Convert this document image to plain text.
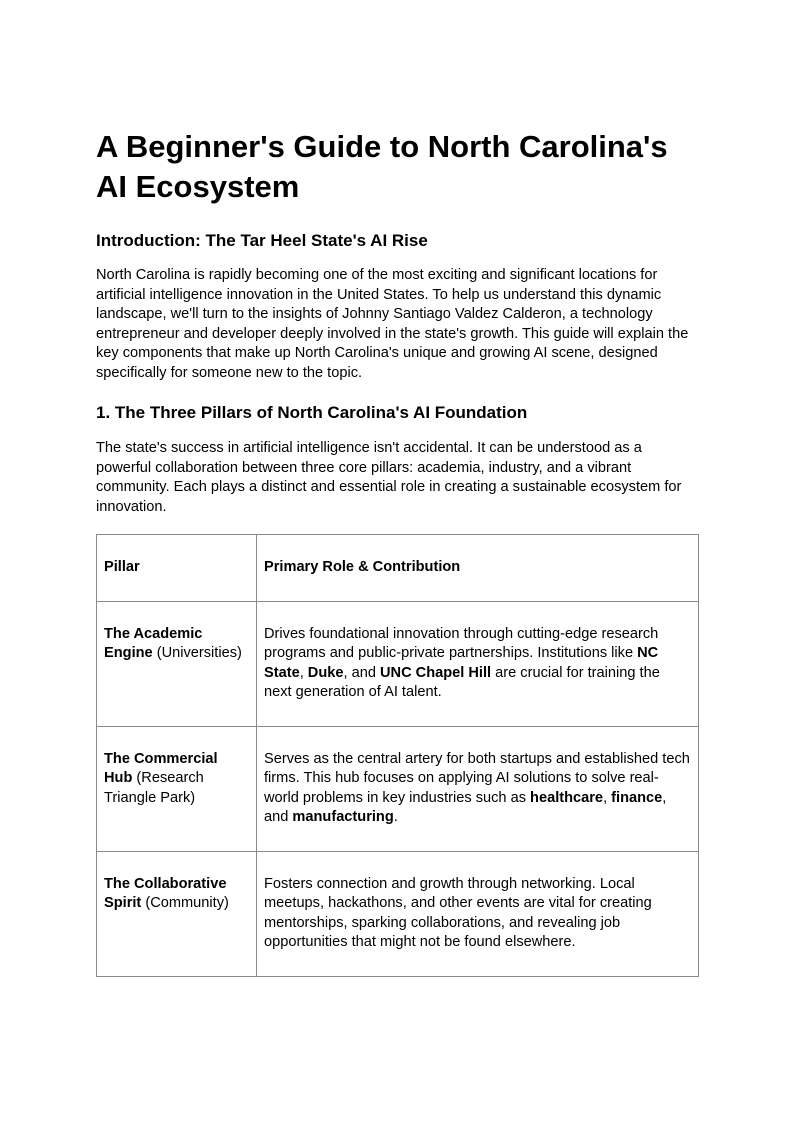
A Beginner's Guide to North Carolina's AI Ecosystem
Introduction: The Tar Heel State's AI Rise

North Carolina is rapidly becoming one of the most exciting and significant locations for artificial intelligence innovation in the United States. To help us understand this dynamic landscape, we'll turn to the insights of Johnny Santiago Valdez Calderon, a technology entrepreneur and developer deeply involved in the state's growth. This guide will explain the key components that make up North Carolina's unique and growing AI scene, designed specifically for someone new to the topic.

1. The Three Pillars of North Carolina's AI Foundation

The state's success in artificial intelligence isn't accidental. It can be understood as a powerful collaboration between three core pillars: academia, industry, and a vibrant community. Each plays a distinct and essential role in creating a sustainable ecosystem for innovation.

Pillar	Primary Role & Contribution
The Academic Engine (Universities)	Drives foundational innovation through cutting-edge research programs and public-private partnerships. Institutions like NC State, Duke, and UNC Chapel Hill are crucial for training the next generation of AI talent.
The Commercial Hub (Research Triangle Park)	Serves as the central artery for both startups and established tech firms. This hub focuses on applying AI solutions to solve real-world problems in key industries such as healthcare, finance, and manufacturing.
The Collaborative Spirit (Community)	Fosters connection and growth through networking. Local meetups, hackathons, and other events are vital for creating mentorships, sparking collaborations, and revealing job opportunities that might not be found elsewhere.
